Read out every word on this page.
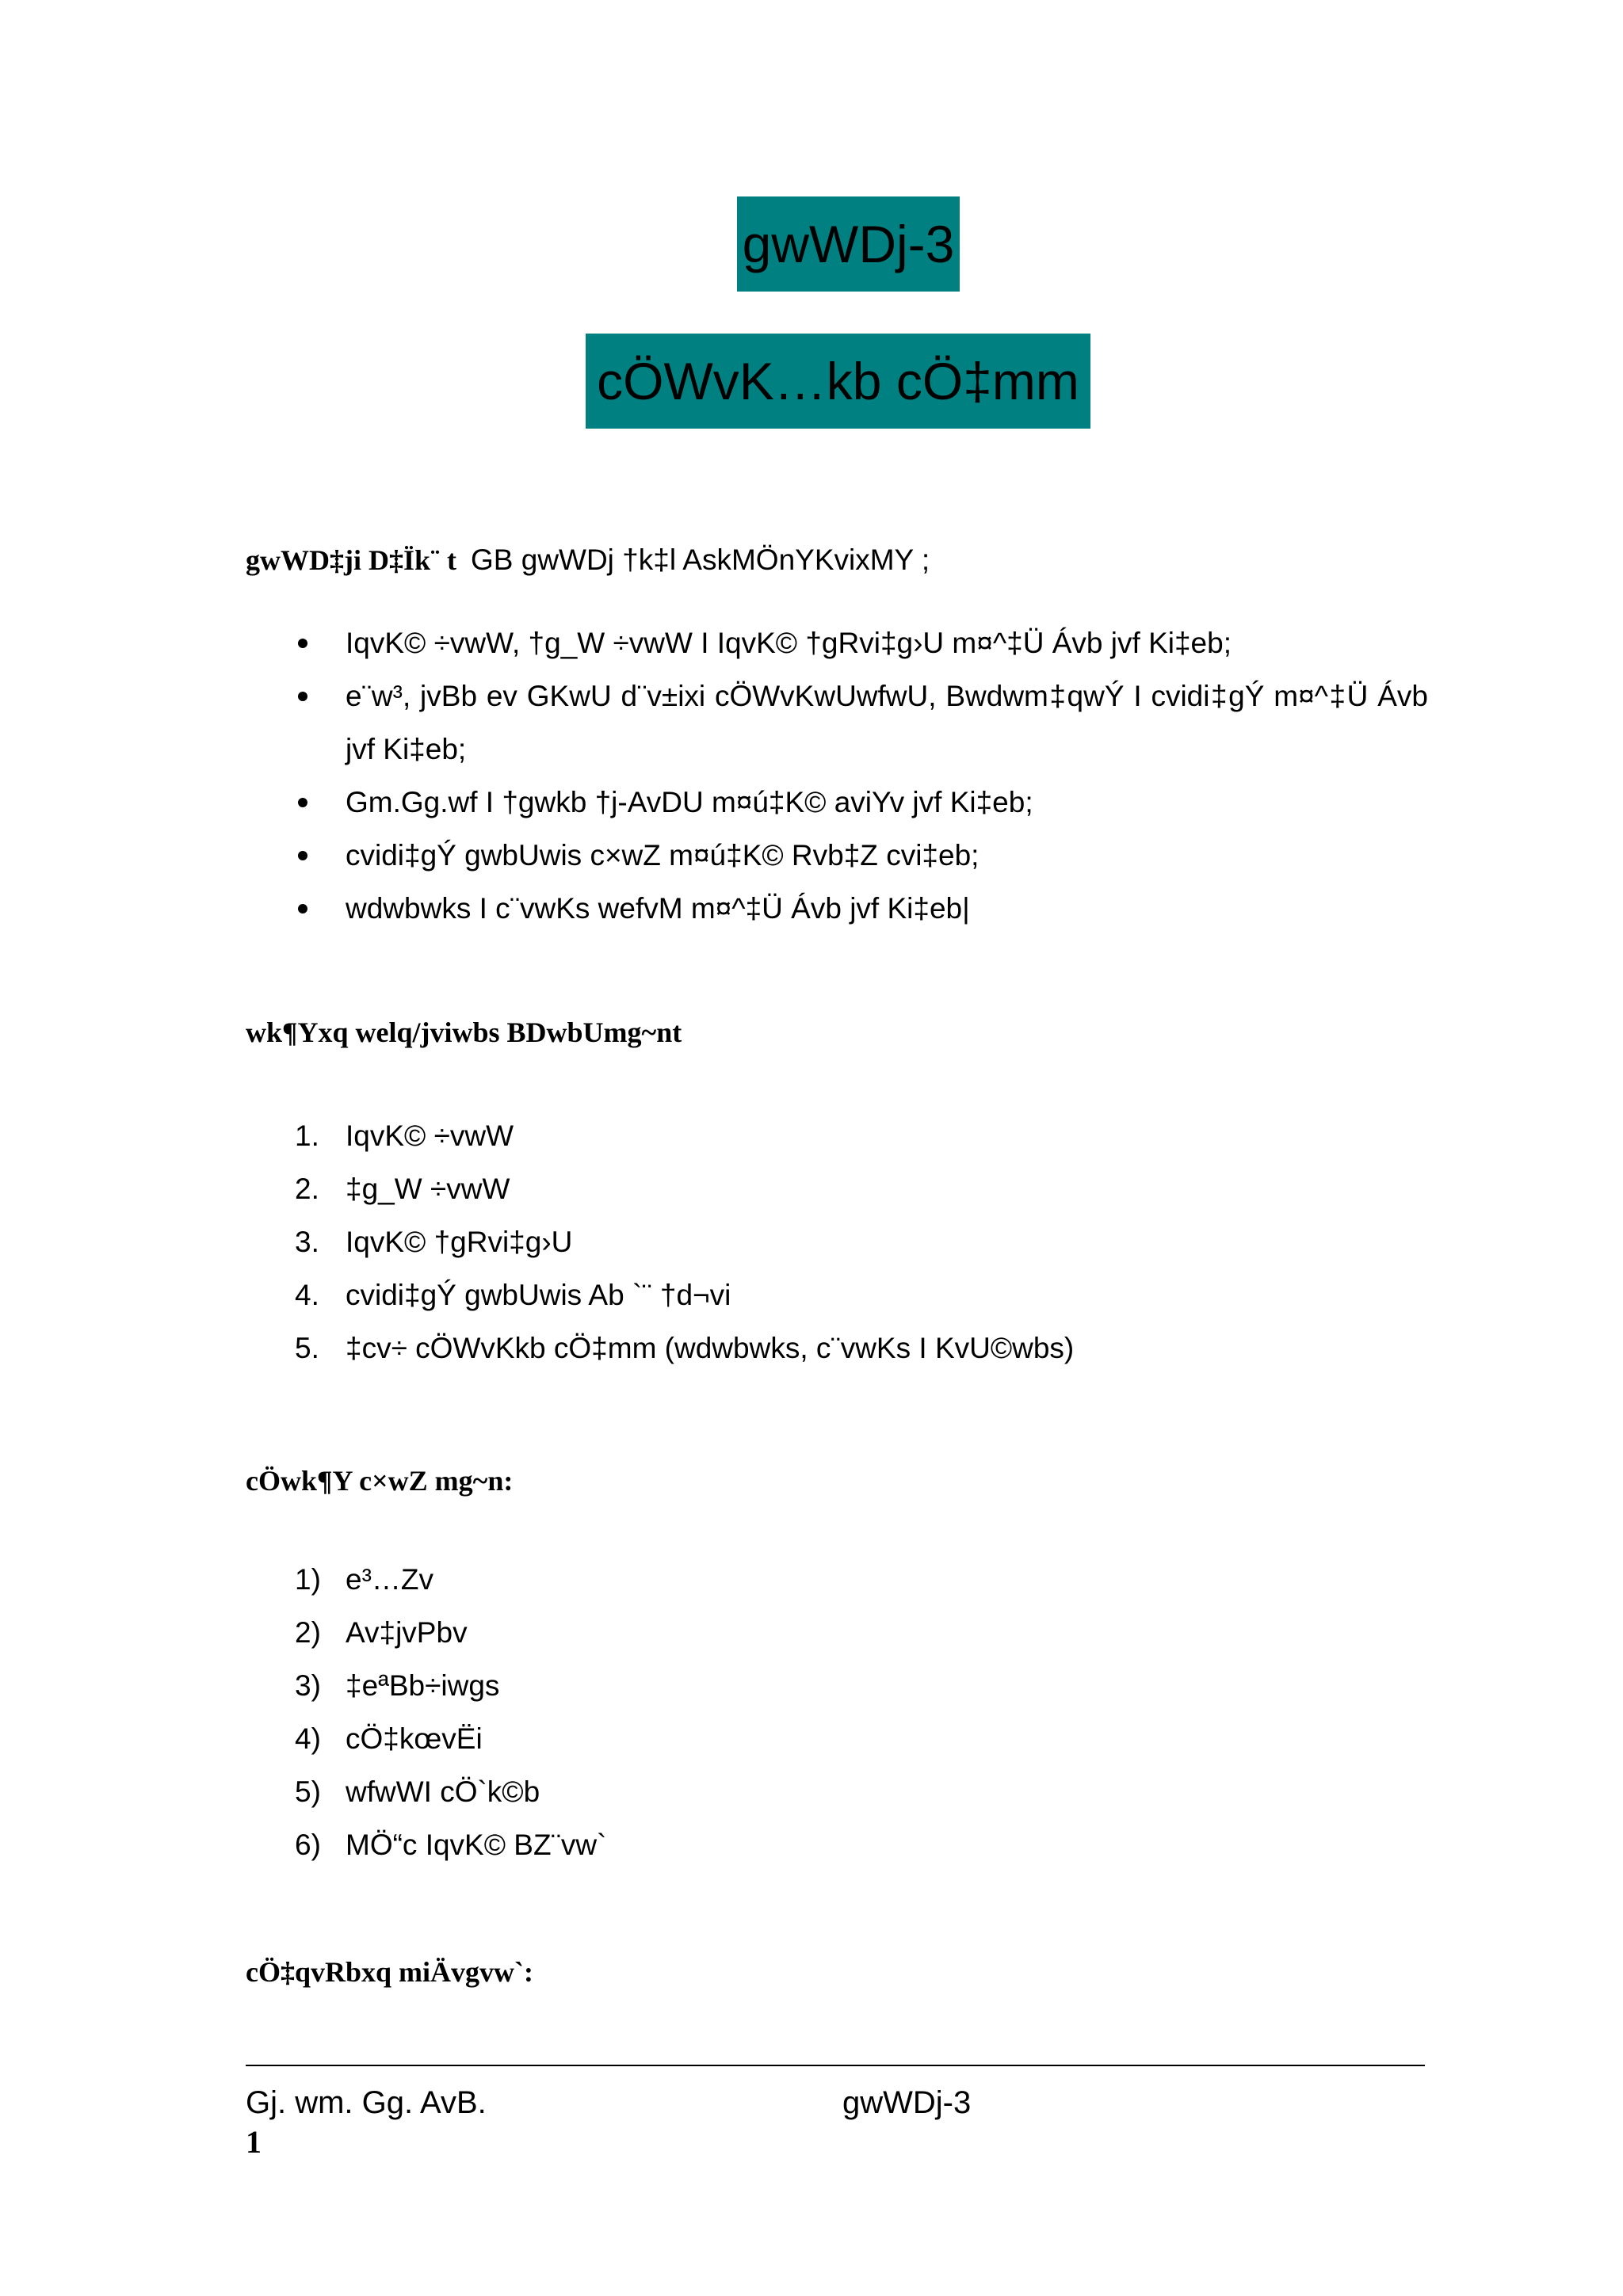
gwWDj-3
cÖWvK…kb cÖ‡mm
gwWD‡ji D‡Ïk¨ t GB gwWDj †k‡l AskMÖnYKvixMY ;
IqvK© ÷vwW, †g_W ÷vwW I IqvK© †gRvi‡g›U m¤^‡Ü Ávb jvf Ki‡eb;
e¨w³, jvBb ev GKwU d¨v±ixi cÖWvKwUwfwU, Bwdwm‡qwÝ I cvidi‡gÝ m¤^‡Ü Ávb jvf Ki‡eb;
Gm.Gg.wf I †gwkb †j-AvDU m¤ú‡K© aviYv jvf Ki‡eb;
cvidi‡gÝ gwbUwis c×wZ m¤ú‡K© Rvb‡Z cvi‡eb;
wdwbwks I c¨vwKs wefvM m¤^‡Ü Ávb jvf Ki‡eb|
wk¶Yxq welq/jviwbs BDwbUmg~nt
1. IqvK© ÷vwW
2. ‡g_W ÷vwW
3. IqvK© †gRvi‡g›U
4. cvidi‡gÝ gwbUwis Ab `¨ †d¬vi
5. ‡cv÷ cÖWvKkb cÖ‡mm (wdwbwks, c¨vwKs I KvU©wbs)
cÖwk¶Y c×wZ mg~n:
1) e³…Zv
2) Av‡jvPbv
3) ‡eªBb÷iwgs
4) cÖ‡kœvËi
5) wfwWI cÖ`k©b
6) MÖ“c IqvK© BZ¨vw`
cÖ‡qvRbxq miÄvgvw`:
Gj. wm. Gg. AvB.	gwWDj-3
1
